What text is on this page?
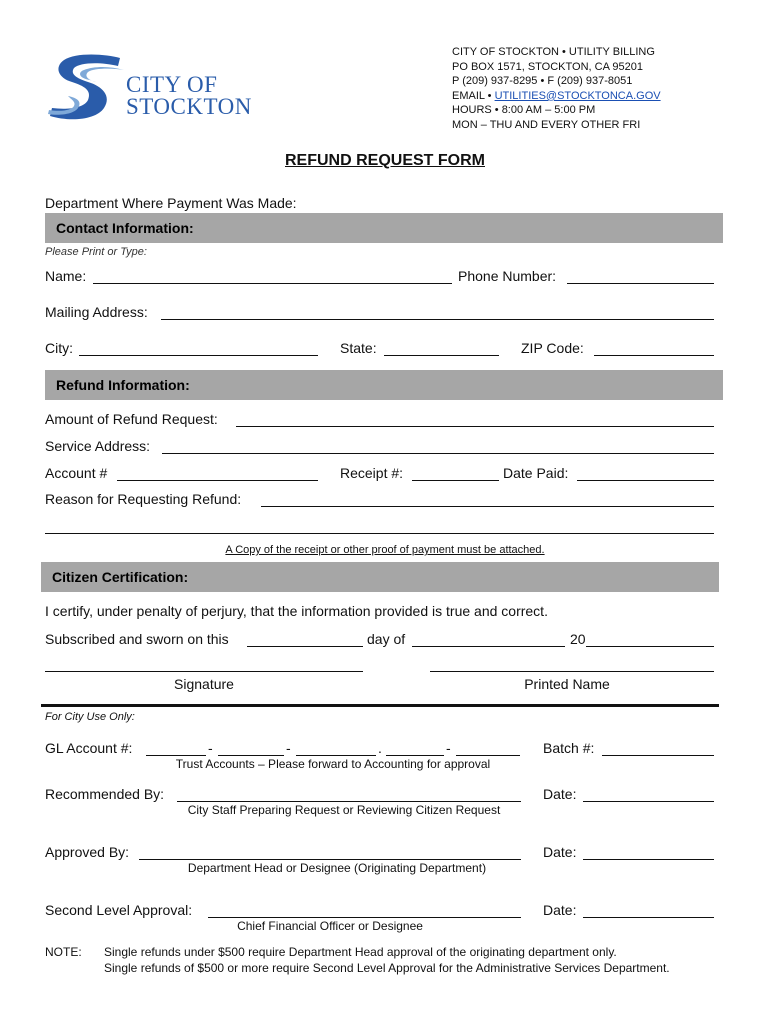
CITY OF
STOCKTON
CITY OF STOCKTON • UTILITY BILLING
PO BOX 1571, STOCKTON, CA 95201
P (209) 937-8295 • F (209) 937-8051
EMAIL • UTILITIES@STOCKTONCA.GOV
HOURS • 8:00 AM – 5:00 PM
MON – THU AND EVERY OTHER FRI
REFUND REQUEST FORM
Department Where Payment Was Made:
Contact Information:
Please Print or Type:
Name:	Phone Number:
Mailing Address:
City:	State:	ZIP Code:
Refund Information:
Amount of Refund Request:
Service Address:
Account #	Receipt #:	Date Paid:
Reason for Requesting Refund:
A Copy of the receipt or other proof of payment must be attached.
Citizen Certification:
I certify, under penalty of perjury, that the information provided is true and correct.
Subscribed and sworn on this	day of	20
Signature	Printed Name
For City Use Only:
GL Account #:	-	-	.	-	Batch #:
Trust Accounts – Please forward to Accounting for approval
Recommended By:	Date:
City Staff Preparing Request or Reviewing Citizen Request
Approved By:	Date:
Department Head or Designee (Originating Department)
Second Level Approval:	Date:
Chief Financial Officer or Designee
NOTE: Single refunds under $500 require Department Head approval of the originating department only.
Single refunds of $500 or more require Second Level Approval for the Administrative Services Department.
